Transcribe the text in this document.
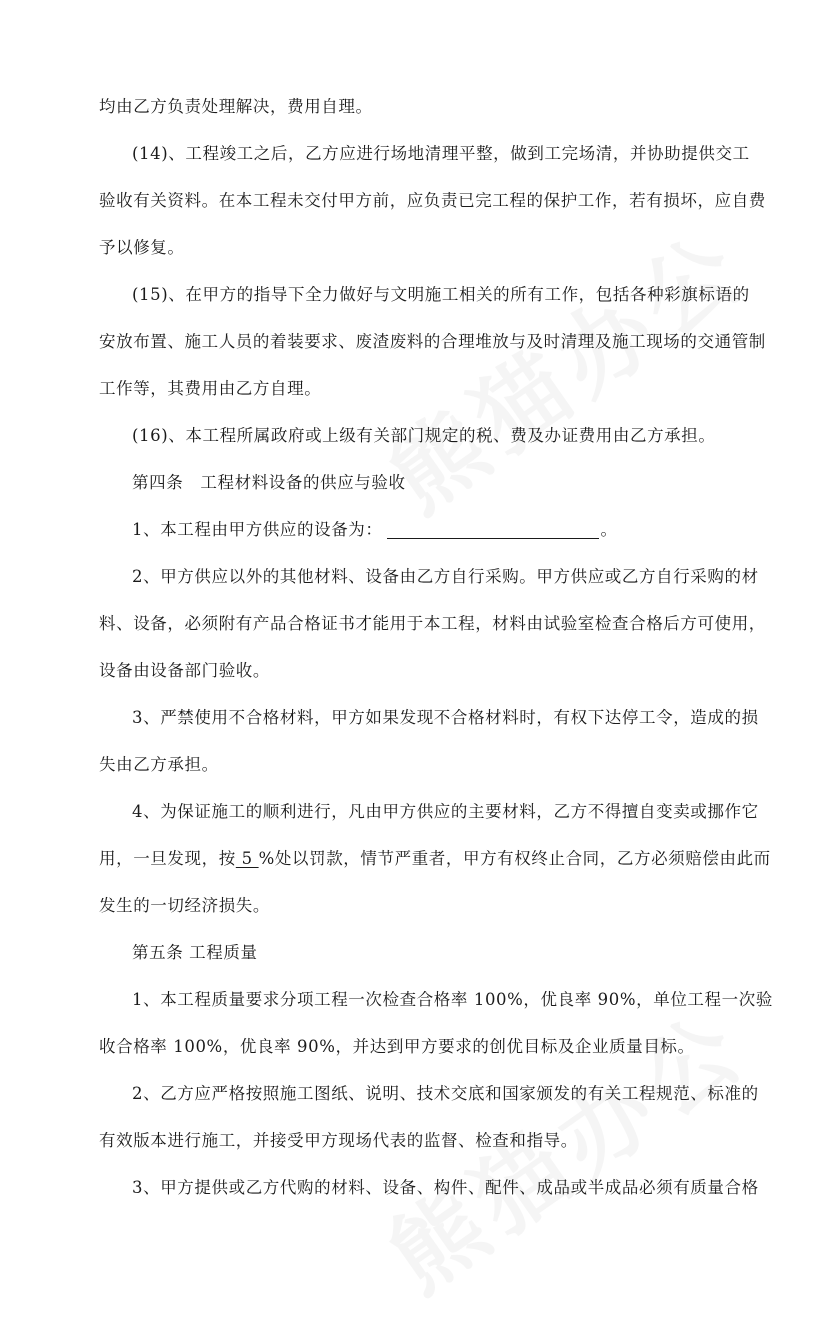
均由乙方负责处理解决，费用自理。
(14)、工程竣工之后，乙方应进行场地清理平整，做到工完场清，并协助提供交工
验收有关资料。在本工程未交付甲方前，应负责已完工程的保护工作，若有损坏，应自费
予以修复。
(15)、在甲方的指导下全力做好与文明施工相关的所有工作，包括各种彩旗标语的
安放布置、施工人员的着装要求、废渣废料的合理堆放与及时清理及施工现场的交通管制
工作等，其费用由乙方自理。
(16)、本工程所属政府或上级有关部门规定的税、费及办证费用由乙方承担。
第四条　工程材料设备的供应与验收
1、本工程由甲方供应的设备为：	。
2、甲方供应以外的其他材料、设备由乙方自行采购。甲方供应或乙方自行采购的材
料、设备，必须附有产品合格证书才能用于本工程，材料由试验室检查合格后方可使用，
设备由设备部门验收。
3、严禁使用不合格材料，甲方如果发现不合格材料时，有权下达停工令，造成的损
失由乙方承担。
4、为保证施工的顺利进行，凡由甲方供应的主要材料，乙方不得擅自变卖或挪作它
用，一旦发现，按 5 %处以罚款，情节严重者，甲方有权终止合同，乙方必须赔偿由此而
发生的一切经济损失。
第五条 工程质量
1、本工程质量要求分项工程一次检查合格率 100%，优良率 90%，单位工程一次验
收合格率 100%，优良率 90%，并达到甲方要求的创优目标及企业质量目标。
2、乙方应严格按照施工图纸、说明、技术交底和国家颁发的有关工程规范、标准的
有效版本进行施工，并接受甲方现场代表的监督、检查和指导。
3、甲方提供或乙方代购的材料、设备、构件、配件、成品或半成品必须有质量合格
